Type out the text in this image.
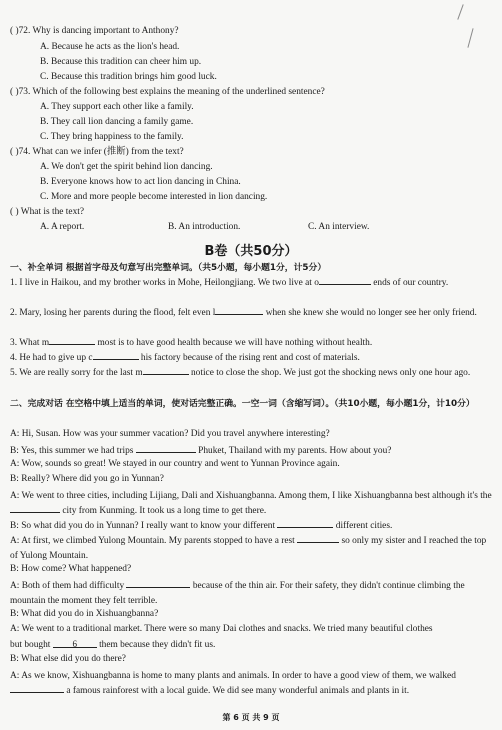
( )72. Why is dancing important to Anthony?
A. Because he acts as the lion's head.
B. Because this tradition can cheer him up.
C. Because this tradition brings him good luck.
( )73. Which of the following best explains the meaning of the underlined sentence?
A. They support each other like a family.
B. They call lion dancing a family game.
C. They bring happiness to the family.
( )74. What can we infer (推断) from the text?
A. We don't get the spirit behind lion dancing.
B. Everyone knows how to act lion dancing in China.
C. More and more people become interested in lion dancing.
( ) What is the text?
A. A report.	B. An introduction.	C. An interview.
B卷（共50分）
一、补全单词 根据首字母及句意写出完整单词。（共5小题，每小题1分，计5分）
1. I live in Haikou, and my brother works in Mohe, Heilongjiang. We two live at o	ends of our country.
2. Mary, losing her parents during the flood, felt even l	when she knew she would no longer see her only friend.
3. What m	most is to have good health because we will have nothing without health.
4. He had to give up c	his factory because of the rising rent and cost of materials.
5. We are really sorry for the last m	notice to close the shop. We just got the shocking news only one hour ago.
二、完成对话 在空格中填上适当的单词，使对话完整正确。一空一词（含缩写词）。（共10小题，每小题1分，计10分）
A: Hi, Susan. How was your summer vacation? Did you travel anywhere interesting?
B: Yes, this summer we had trips	Phuket, Thailand with my parents. How about you?
A: Wow, sounds so great! We stayed in our country and went to Yunnan Province again.
B: Really? Where did you go in Yunnan?
A: We went to three cities, including Lijiang, Dali and Xishuangbanna. Among them, I like Xishuangbanna best although it's the  city from Kunming. It took us a long time to get there.
B: So what did you do in Yunnan? I really want to know your different	different cities.
A: At first, we climbed Yulong Mountain. My parents stopped to have a rest	so only my sister and I reached the top of Yulong Mountain.
B: How come? What happened?
A: Both of them had difficulty	because of the thin air. For their safety, they didn't continue climbing the mountain the moment they felt terrible.
B: What did you do in Xishuangbanna?
A: We went to a traditional market. There were so many Dai clothes and snacks. We tried many beautiful clothes
but bought 6 them because they didn't fit us.
B: What else did you do there?
A: As we know, Xishuangbanna is home to many plants and animals. In order to have a good view of them, we walked  a famous rainforest with a local guide. We did see many wonderful animals and plants in it.
第 6 页 共 9 页
